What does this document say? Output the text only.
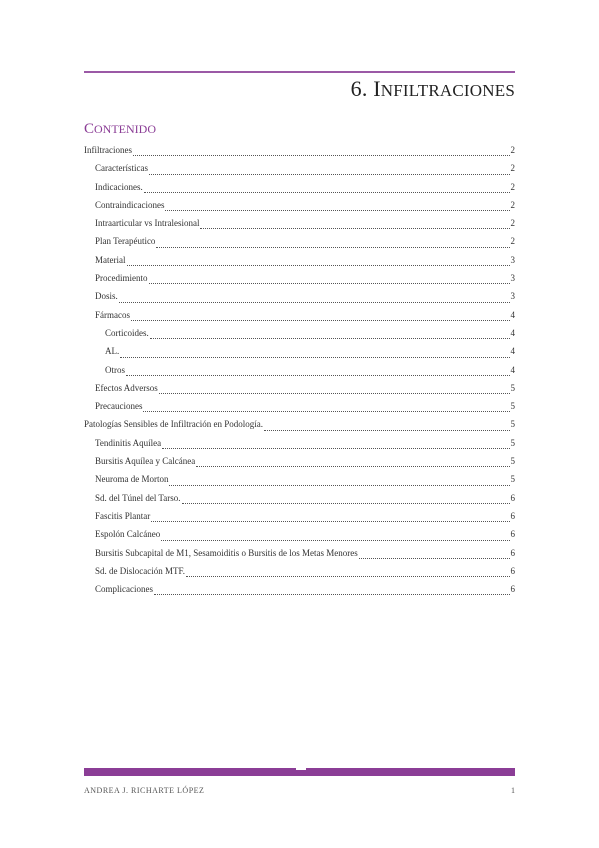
6. INFILTRACIONES
CONTENIDO
Infiltraciones	2
Características	2
Indicaciones.	2
Contraindicaciones	2
Intraarticular vs Intralesional	2
Plan Terapéutico	2
Material	3
Procedimiento	3
Dosis.	3
Fármacos	4
Corticoides.	4
AL.	4
Otros	4
Efectos Adversos	5
Precauciones	5
Patologías Sensibles de Infiltración en Podología.	5
Tendinitis Aquílea	5
Bursitis Aquílea y Calcánea	5
Neuroma de Morton	5
Sd. del Túnel del Tarso.	6
Fascitis Plantar	6
Espolón Calcáneo	6
Bursitis Subcapital de M1, Sesamoiditis o Bursitis de los Metas Menores	6
Sd. de Dislocación MTF.	6
Complicaciones	6
ANDREA J. RICHARTE LÓPEZ	1
